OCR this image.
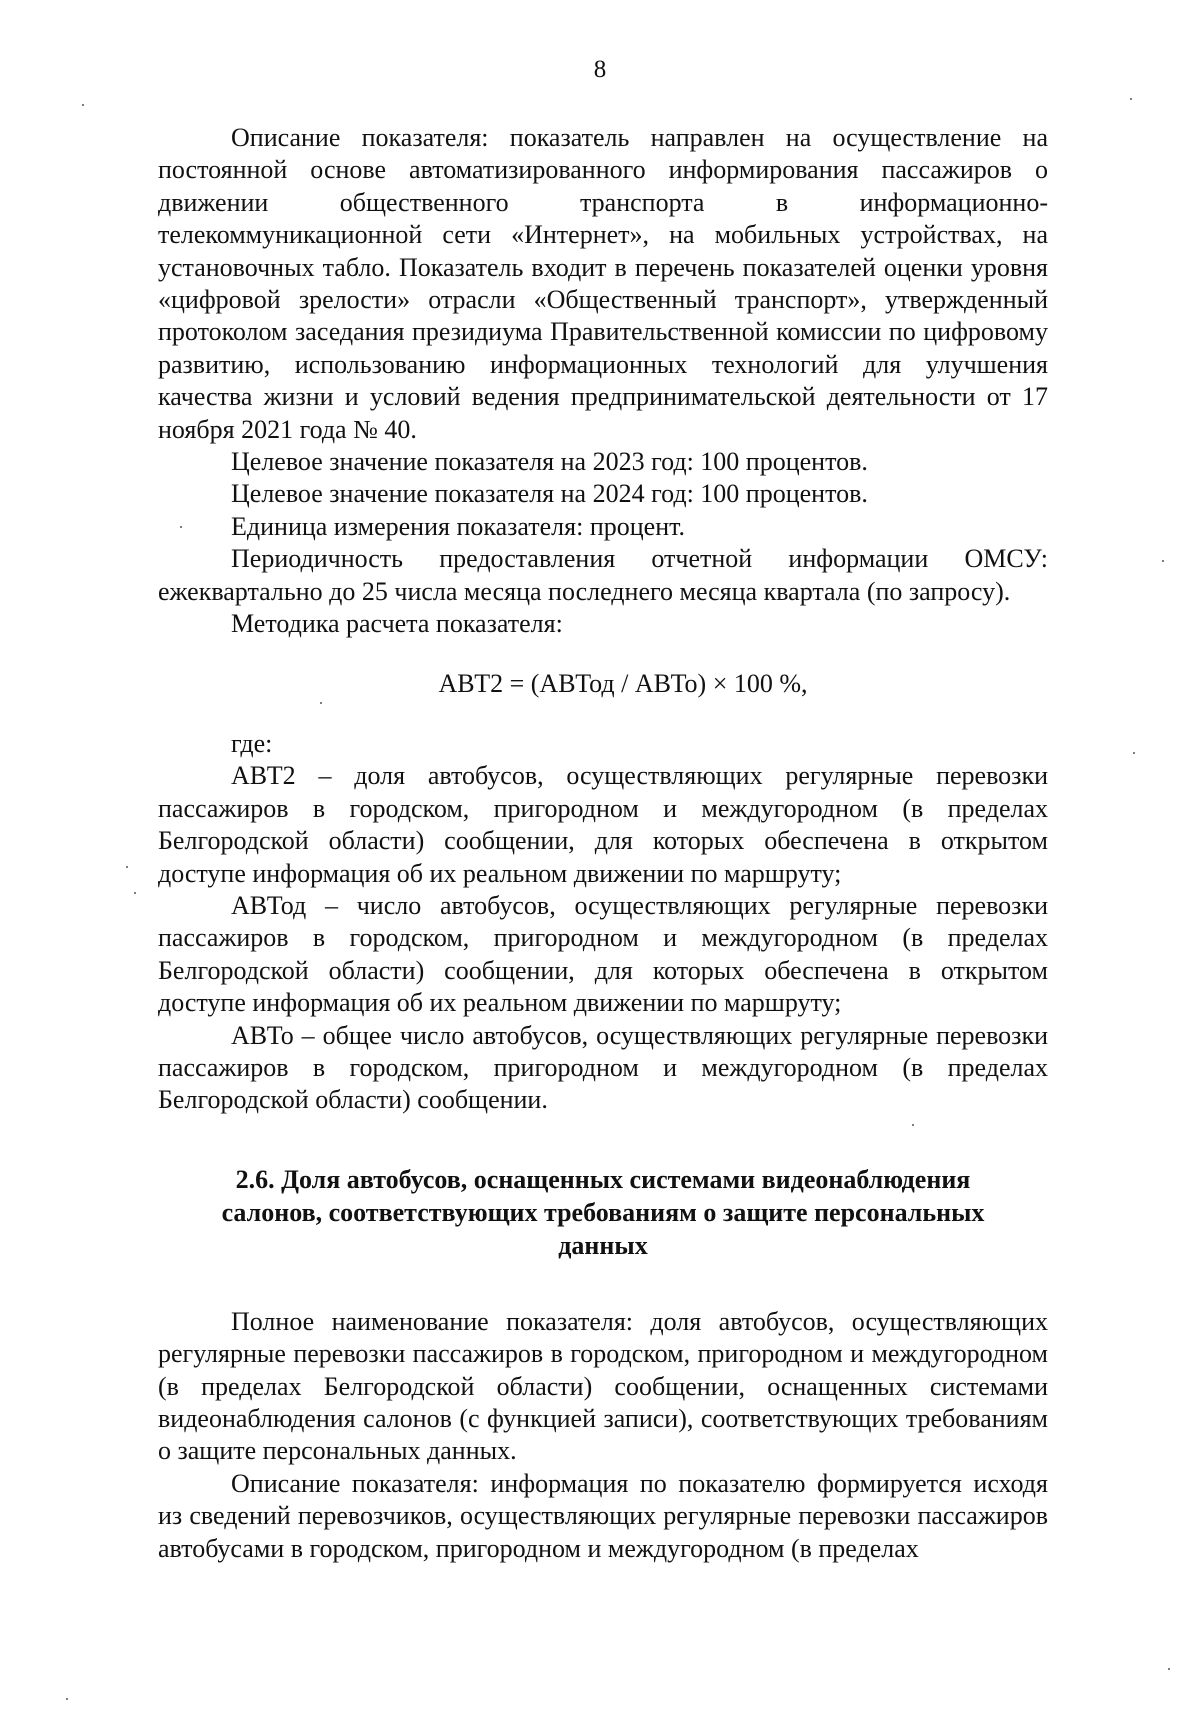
8

Описание показателя: показатель направлен на осуществление на постоянной основе автоматизированного информирования пассажиров о движении общественного транспорта в информационно-телекоммуникационной сети «Интернет», на мобильных устройствах, на установочных табло. Показатель входит в перечень показателей оценки уровня «цифровой зрелости» отрасли «Общественный транспорт», утвержденный протоколом заседания президиума Правительственной комиссии по цифровому развитию, использованию информационных технологий для улучшения качества жизни и условий ведения предпринимательской деятельности от 17 ноября 2021 года № 40.

Целевое значение показателя на 2023 год: 100 процентов.

Целевое значение показателя на 2024 год: 100 процентов.

Единица измерения показателя: процент.

Периодичность предоставления отчетной информации ОМСУ: ежеквартально до 25 числа месяца последнего месяца квартала (по запросу).

Методика расчета показателя:

АВТ2 = (АВТод / АВТо) × 100 %,

где:

АВТ2 – доля автобусов, осуществляющих регулярные перевозки пассажиров в городском, пригородном и междугородном (в пределах Белгородской области) сообщении, для которых обеспечена в открытом доступе информация об их реальном движении по маршруту;

АВТод – число автобусов, осуществляющих регулярные перевозки пассажиров в городском, пригородном и междугородном (в пределах Белгородской области) сообщении, для которых обеспечена в открытом доступе информация об их реальном движении по маршруту;

АВТо – общее число автобусов, осуществляющих регулярные перевозки пассажиров в городском, пригородном и междугородном (в пределах Белгородской области) сообщении.

2.6. Доля автобусов, оснащенных системами видеонаблюдения салонов, соответствующих требованиям о защите персональных данных

Полное наименование показателя: доля автобусов, осуществляющих регулярные перевозки пассажиров в городском, пригородном и междугородном (в пределах Белгородской области) сообщении, оснащенных системами видеонаблюдения салонов (с функцией записи), соответствующих требованиям о защите персональных данных.

Описание показателя: информация по показателю формируется исходя из сведений перевозчиков, осуществляющих регулярные перевозки пассажиров автобусами в городском, пригородном и междугородном (в пределах
